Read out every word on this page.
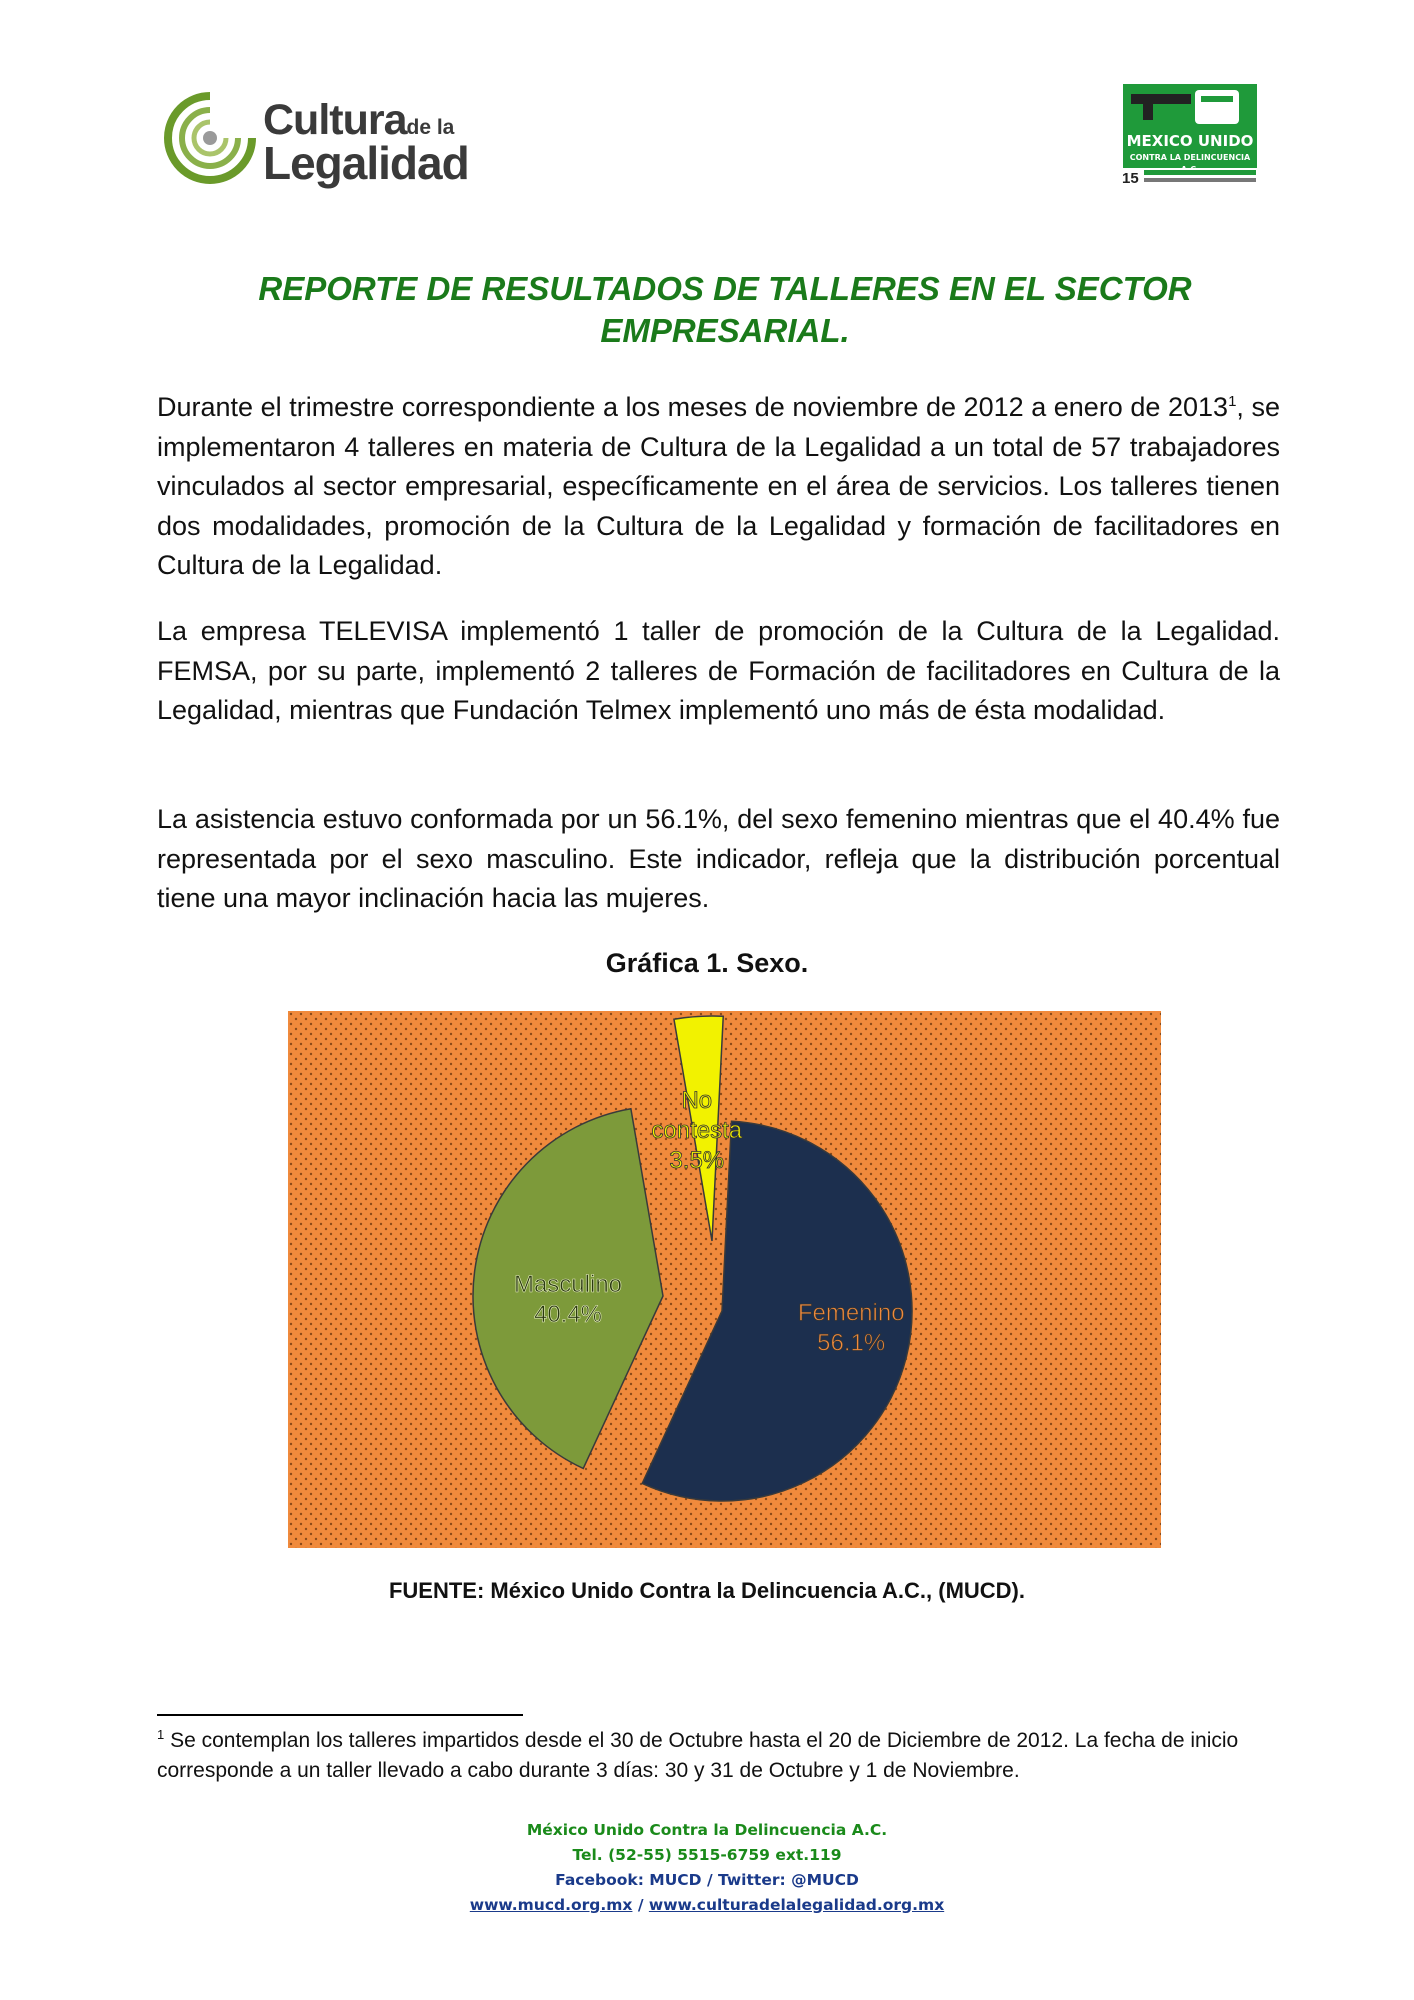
Culturade la
Legalidad	MEXICO UNIDO
CONTRA LA DELINCUENCIA
15
REPORTE DE RESULTADOS DE TALLERES EN EL SECTOR EMPRESARIAL.
Durante el trimestre correspondiente a los meses de noviembre de 2012 a enero de 2013$^1$, se implementaron 4 talleres en materia de Cultura de la Legalidad a un total de 57 trabajadores vinculados al sector empresarial, específicamente en el área de servicios. Los talleres tienen dos modalidades, promoción de la Cultura de la Legalidad y formación de facilitadores en Cultura de la Legalidad.
La empresa TELEVISA implementó 1 taller de promoción de la Cultura de la Legalidad. FEMSA, por su parte, implementó 2 talleres de Formación de facilitadores en Cultura de la Legalidad, mientras que Fundación Telmex implementó uno más de ésta modalidad.
La asistencia estuvo conformada por un 56.1%, del sexo femenino mientras que el 40.4% fue representada por el sexo masculino. Este indicador, refleja que la distribución porcentual tiene una mayor inclinación hacia las mujeres.
Gráfica 1. Sexo.
Femenino 56.1%
Masculino 40.4%
No contesta 3.5%
FUENTE: México Unido Contra la Delincuencia A.C., (MUCD).
$^1$ Se contemplan los talleres impartidos desde el 30 de Octubre hasta el 20 de Diciembre de 2012. La fecha de inicio corresponde a un taller llevado a cabo durante 3 días: 30 y 31 de Octubre y 1 de Noviembre.
México Unido Contra la Delincuencia A.C.
Tel. (52-55) 5515-6759 ext.119
Facebook: MUCD / Twitter: @MUCD
www.mucd.org.mx / www.culturadelalegalidad.org.mx
